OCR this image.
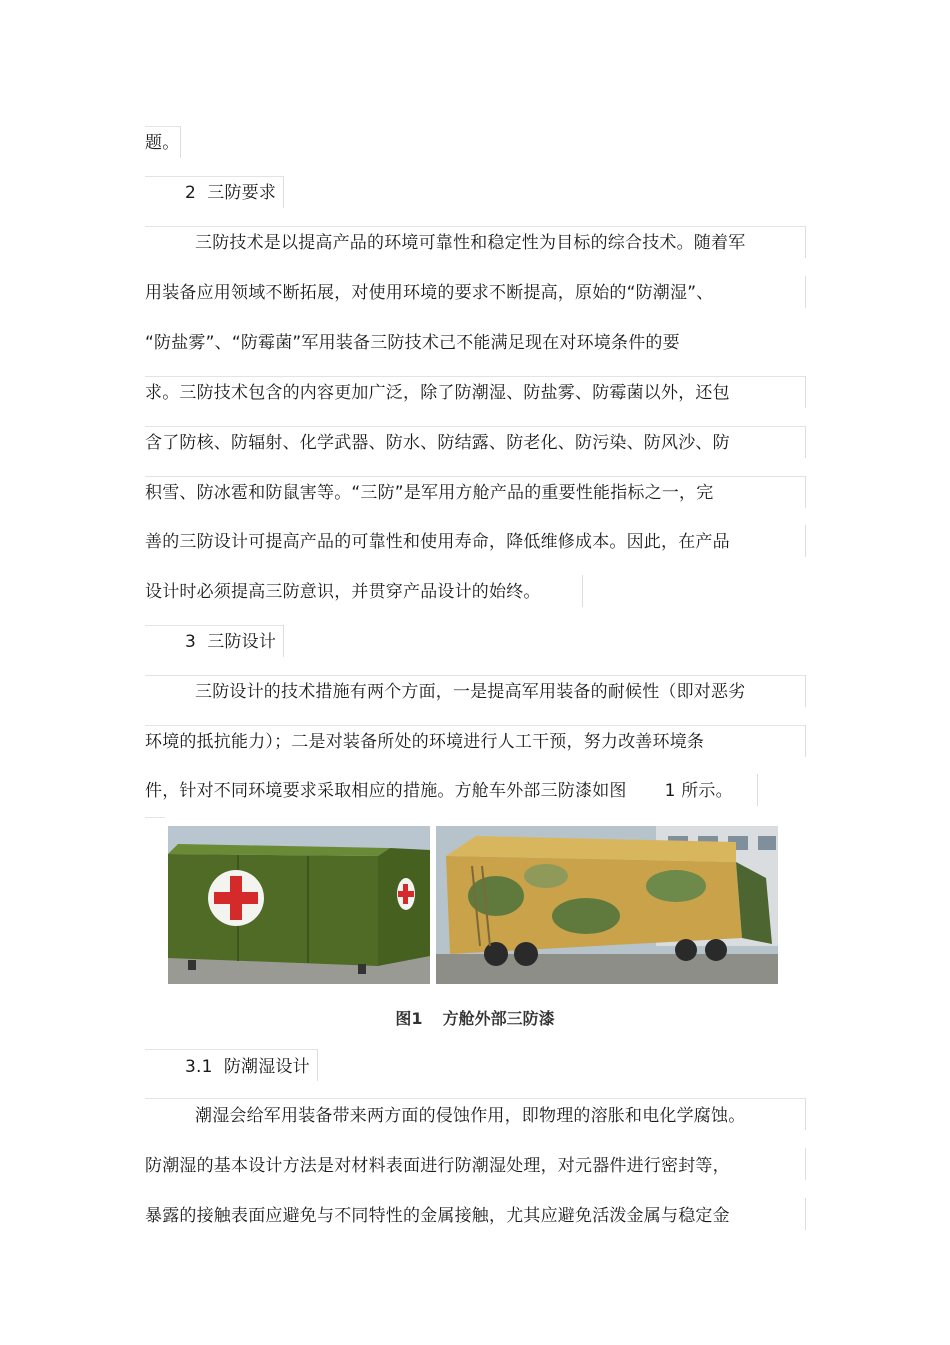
题。
2 三防要求
三防技术是以提高产品的环境可靠性和稳定性为目标的综合技术。随着军
用装备应用领域不断拓展，对使用环境的要求不断提高，原始的“防潮湿”、
“防盐雾”、“防霉菌”军用装备三防技术己不能满足现在对环境条件的要
求。三防技术包含的内容更加广泛，除了防潮湿、防盐雾、防霉菌以外，还包
含了防核、防辐射、化学武器、防水、防结露、防老化、防污染、防风沙、防
积雪、防冰雹和防鼠害等。“三防”是军用方舱产品的重要性能指标之一，完
善的三防设计可提高产品的可靠性和使用寿命，降低维修成本。因此，在产品
设计时必须提高三防意识，并贯穿产品设计的始终。
3 三防设计
三防设计的技术措施有两个方面，一是提高军用装备的耐候性（即对恶劣
环境的抵抗能力）；二是对装备所处的环境进行人工干预，努力改善环境条
件，针对不同环境要求采取相应的措施。方舱车外部三防漆如图 1 所示。
图1 方舱外部三防漆
3.1 防潮湿设计
潮湿会给军用装备带来两方面的侵蚀作用，即物理的溶胀和电化学腐蚀。
防潮湿的基本设计方法是对材料表面进行防潮湿处理，对元器件进行密封等，
暴露的接触表面应避免与不同特性的金属接触，尤其应避免活泼金属与稳定金
